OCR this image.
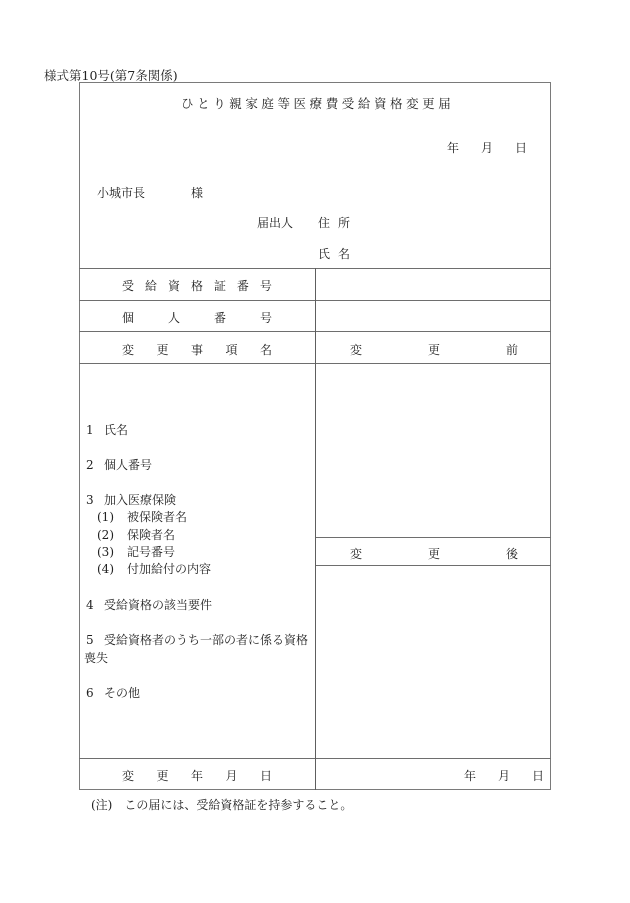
様式第10号(第7条関係)
ひ と り 親 家 庭 等 医 療 費 受 給 資 格 変 更 届
年 月 日
小城市長	様
届出人 住 所
氏 名
受 給 資 格 証 番 号
個	人	番	号
変 更 事 項 名	変	更	前
1 氏名
2 個人番号
3 加入医療保険
(1) 被保険者名
(2) 保険者名
(3) 記号番号
(4) 付加給付の内容
4 受給資格の該当要件
5 受給資格者のうち一部の者に係る資格
喪失
6 その他
変	更	後
変 更 年 月 日	年 月 日
(注)　この届には、受給資格証を持参すること。
